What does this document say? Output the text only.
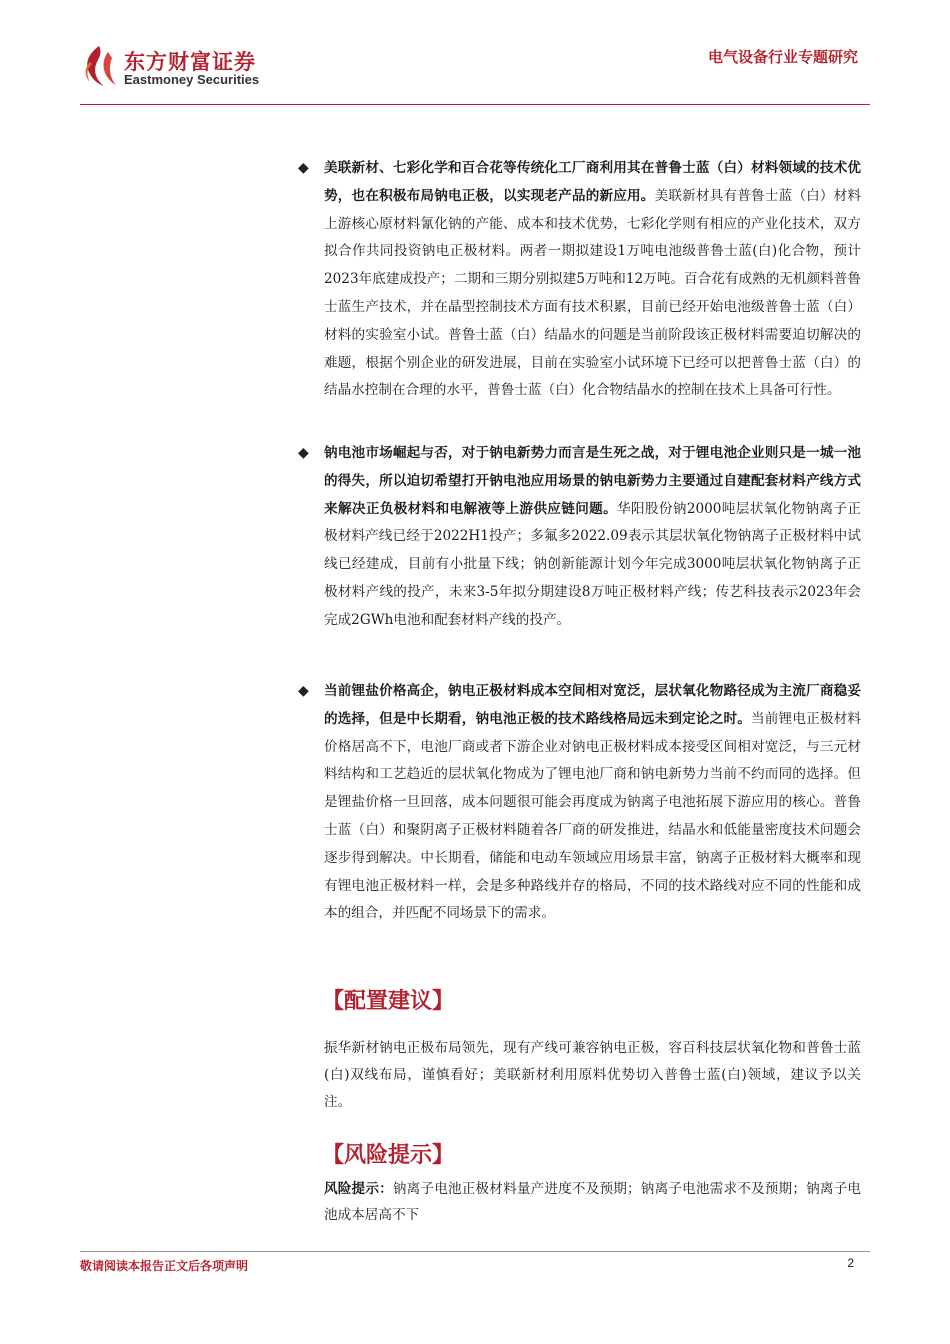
东方财富证券
Eastmoney Securities
电气设备行业专题研究
◆ 美联新材、七彩化学和百合花等传统化工厂商利用其在普鲁士蓝（白）材料领域的技术优势，也在积极布局钠电正极，以实现老产品的新应用。美联新材具有普鲁士蓝（白）材料上游核心原材料氰化钠的产能、成本和技术优势，七彩化学则有相应的产业化技术，双方拟合作共同投资钠电正极材料。两者一期拟建设1万吨电池级普鲁士蓝(白)化合物，预计2023年底建成投产；二期和三期分别拟建5万吨和12万吨。百合花有成熟的无机颜料普鲁士蓝生产技术，并在晶型控制技术方面有技术积累，目前已经开始电池级普鲁士蓝（白）材料的实验室小试。普鲁士蓝（白）结晶水的问题是当前阶段该正极材料需要迫切解决的难题，根据个别企业的研发进展，目前在实验室小试环境下已经可以把普鲁士蓝（白）的结晶水控制在合理的水平，普鲁士蓝（白）化合物结晶水的控制在技术上具备可行性。
◆ 钠电池市场崛起与否，对于钠电新势力而言是生死之战，对于锂电池企业则只是一城一池的得失，所以迫切希望打开钠电池应用场景的钠电新势力主要通过自建配套材料产线方式来解决正负极材料和电解液等上游供应链问题。华阳股份钠2000吨层状氧化物钠离子正极材料产线已经于2022H1投产；多氟多2022.09表示其层状氧化物钠离子正极材料中试线已经建成，目前有小批量下线；钠创新能源计划今年完成3000吨层状氧化物钠离子正极材料产线的投产，未来3-5年拟分期建设8万吨正极材料产线；传艺科技表示2023年会完成2GWh电池和配套材料产线的投产。
◆ 当前锂盐价格高企，钠电正极材料成本空间相对宽泛，层状氧化物路径成为主流厂商稳妥的选择，但是中长期看，钠电池正极的技术路线格局远未到定论之时。当前锂电正极材料价格居高不下，电池厂商或者下游企业对钠电正极材料成本接受区间相对宽泛，与三元材料结构和工艺趋近的层状氧化物成为了锂电池厂商和钠电新势力当前不约而同的选择。但是锂盐价格一旦回落，成本问题很可能会再度成为钠离子电池拓展下游应用的核心。普鲁士蓝（白）和聚阴离子正极材料随着各厂商的研发推进，结晶水和低能量密度技术问题会逐步得到解决。中长期看，储能和电动车领域应用场景丰富，钠离子正极材料大概率和现有锂电池正极材料一样，会是多种路线并存的格局，不同的技术路线对应不同的性能和成本的组合，并匹配不同场景下的需求。
【配置建议】
振华新材钠电正极布局领先，现有产线可兼容钠电正极，容百科技层状氧化物和普鲁士蓝(白)双线布局，谨慎看好；美联新材利用原料优势切入普鲁士蓝(白)领域，建议予以关注。
【风险提示】
风险提示：钠离子电池正极材料量产进度不及预期；钠离子电池需求不及预期；钠离子电池成本居高不下
敬请阅读本报告正文后各项声明	2
